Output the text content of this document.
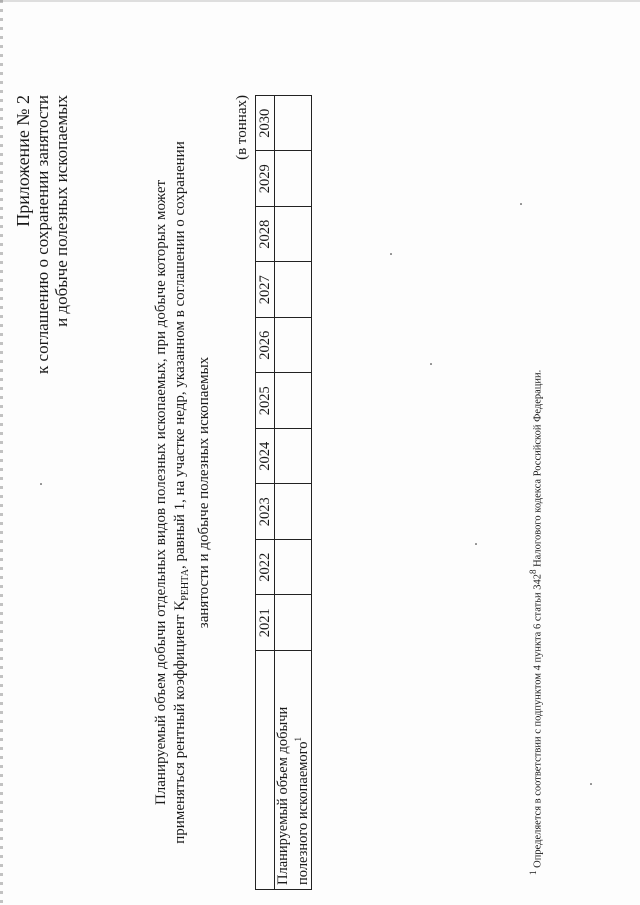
Приложение № 2 к соглашению о сохранении занятости и добыче полезных ископаемых	Планируемый объем добычи отдельных видов полезных ископаемых, при добыче которых может применяться рентный коэффициент $К_{РЕНТА}$, равный 1, на участке недр, указанном в соглашении о сохранении занятости и добыче полезных ископаемых
(в тоннах)
	2021	2022	2023	2024	2025	2026	2027	2028	2029	2030
Планируемый объем добычи полезного ископаемого$^1$										
$^1$ Определяется в соответствии с подпунктом 4 пункта 6 статьи $342^8$ Налогового кодекса Российской Федерации.
